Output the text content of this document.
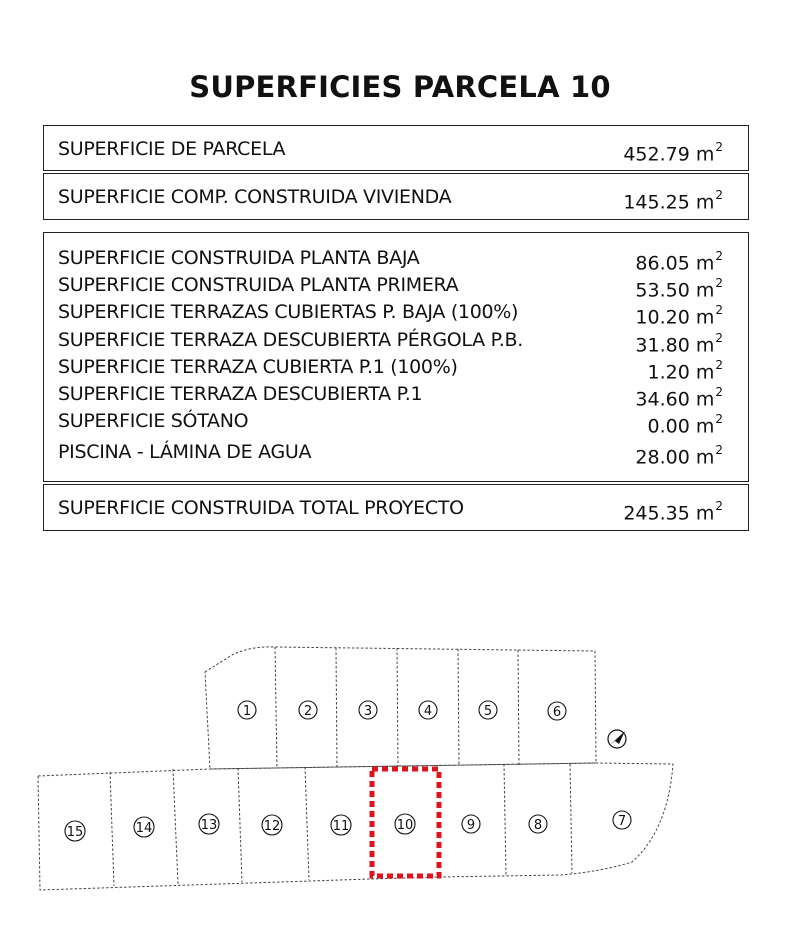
SUPERFICIES PARCELA 10
SUPERFICIE DE PARCELA	452.79 $m^2$
SUPERFICIE COMP. CONSTRUIDA VIVIENDA	145.25 $m^2$
SUPERFICIE CONSTRUIDA PLANTA BAJA	86.05 $m^2$
SUPERFICIE CONSTRUIDA PLANTA PRIMERA	53.50 $m^2$
SUPERFICIE TERRAZAS CUBIERTAS P. BAJA (100%)	10.20 $m^2$
SUPERFICIE TERRAZA DESCUBIERTA PÉRGOLA P.B.	31.80 $m^2$
SUPERFICIE TERRAZA CUBIERTA P.1 (100%)	1.20 $m^2$
SUPERFICIE TERRAZA DESCUBIERTA P.1	34.60 $m^2$
SUPERFICIE SÓTANO	0.00 $m^2$
PISCINA - LÁMINA DE AGUA	28.00 $m^2$
SUPERFICIE CONSTRUIDA TOTAL PROYECTO	245.35 $m^2$
1	2	3	4	5	6
15	14	13	12	11	10	9	8	7
